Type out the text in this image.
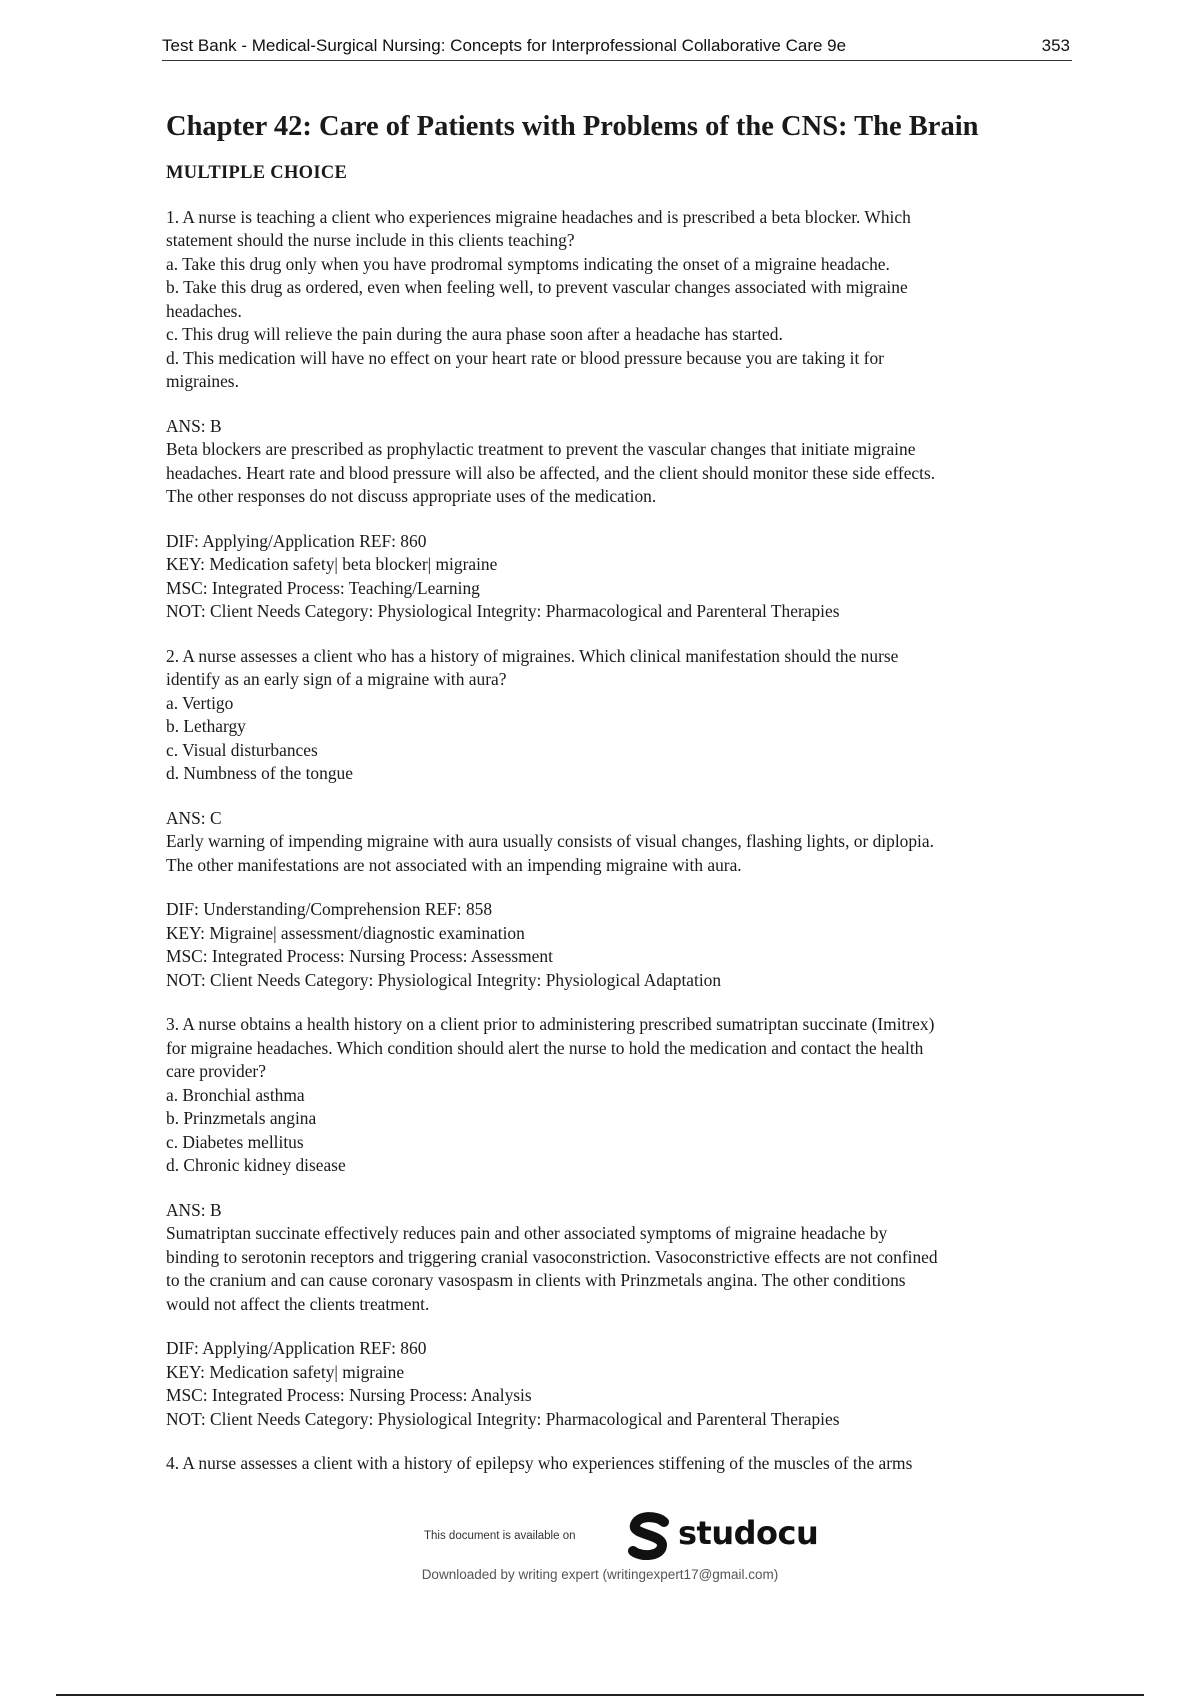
Test Bank - Medical-Surgical Nursing: Concepts for Interprofessional Collaborative Care 9e	353
Chapter 42: Care of Patients with Problems of the CNS: The Brain
MULTIPLE CHOICE
1. A nurse is teaching a client who experiences migraine headaches and is prescribed a beta blocker. Which
statement should the nurse include in this clients teaching?
a. Take this drug only when you have prodromal symptoms indicating the onset of a migraine headache.
b. Take this drug as ordered, even when feeling well, to prevent vascular changes associated with migraine
headaches.
c. This drug will relieve the pain during the aura phase soon after a headache has started.
d. This medication will have no effect on your heart rate or blood pressure because you are taking it for
migraines.
ANS: B
Beta blockers are prescribed as prophylactic treatment to prevent the vascular changes that initiate migraine
headaches. Heart rate and blood pressure will also be affected, and the client should monitor these side effects.
The other responses do not discuss appropriate uses of the medication.
DIF: Applying/Application REF: 860
KEY: Medication safety| beta blocker| migraine
MSC: Integrated Process: Teaching/Learning
NOT: Client Needs Category: Physiological Integrity: Pharmacological and Parenteral Therapies
2. A nurse assesses a client who has a history of migraines. Which clinical manifestation should the nurse
identify as an early sign of a migraine with aura?
a. Vertigo
b. Lethargy
c. Visual disturbances
d. Numbness of the tongue
ANS: C
Early warning of impending migraine with aura usually consists of visual changes, flashing lights, or diplopia.
The other manifestations are not associated with an impending migraine with aura.
DIF: Understanding/Comprehension REF: 858
KEY: Migraine| assessment/diagnostic examination
MSC: Integrated Process: Nursing Process: Assessment
NOT: Client Needs Category: Physiological Integrity: Physiological Adaptation
3. A nurse obtains a health history on a client prior to administering prescribed sumatriptan succinate (Imitrex)
for migraine headaches. Which condition should alert the nurse to hold the medication and contact the health
care provider?
a. Bronchial asthma
b. Prinzmetals angina
c. Diabetes mellitus
d. Chronic kidney disease
ANS: B
Sumatriptan succinate effectively reduces pain and other associated symptoms of migraine headache by
binding to serotonin receptors and triggering cranial vasoconstriction. Vasoconstrictive effects are not confined
to the cranium and can cause coronary vasospasm in clients with Prinzmetals angina. The other conditions
would not affect the clients treatment.
DIF: Applying/Application REF: 860
KEY: Medication safety| migraine
MSC: Integrated Process: Nursing Process: Analysis
NOT: Client Needs Category: Physiological Integrity: Pharmacological and Parenteral Therapies
4. A nurse assesses a client with a history of epilepsy who experiences stiffening of the muscles of the arms
This document is available on	studocu
Downloaded by writing expert (writingexpert17@gmail.com)
